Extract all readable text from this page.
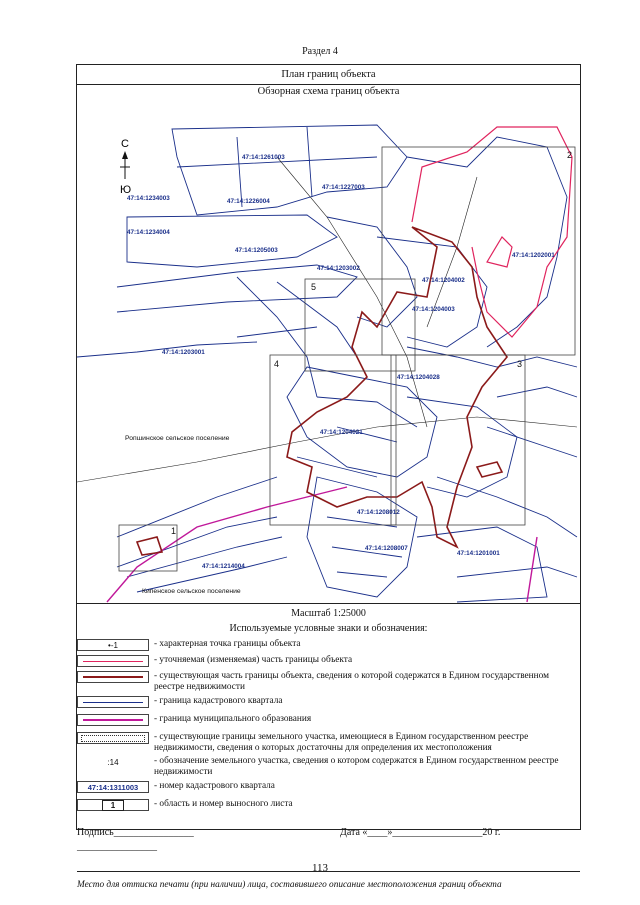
Раздел 4
План границ объекта
Обзорная схема границ объекта
2
5
3
4
1
С
Ю
47:14:1261003
47:14:1227003
47:14:1234003	47:14:1226004
47:14:1234004
47:14:1205003
47:14:1203002
47:14:1204002
47:14:1204003
47:14:1203001
47:14:1202001
47:14:1204028
47:14:1204021
47:14:1208012
47:14:1214004
47:14:1208007
47:14:1201001
Ропшинское сельское поселение
Кипенское сельское поселение
Масштаб 1:25000
Используемые условные знаки и обозначения:
•-1	- характерная точка границы объекта
- уточняемая (изменяемая) часть границы объекта
- существующая часть границы объекта, сведения о которой содержатся в Едином государственном реестре недвижимости
- граница кадастрового квартала
- граница муниципального образования
- существующие границы земельного участка, имеющиеся в Едином государственном реестре недвижимости, сведения о которых достаточны для определения их местоположения
:14	- обозначение земельного участка, сведения о котором содержатся в Едином государственном реестре недвижимости
47:14:1311003	- номер кадастрового квартала
1	- область и номер выносного листа
Подпись________________
________________
Дата «____»__________________20 г.
Место для оттиска печати (при наличии) лица, составившего описание местоположения границ объекта
113
